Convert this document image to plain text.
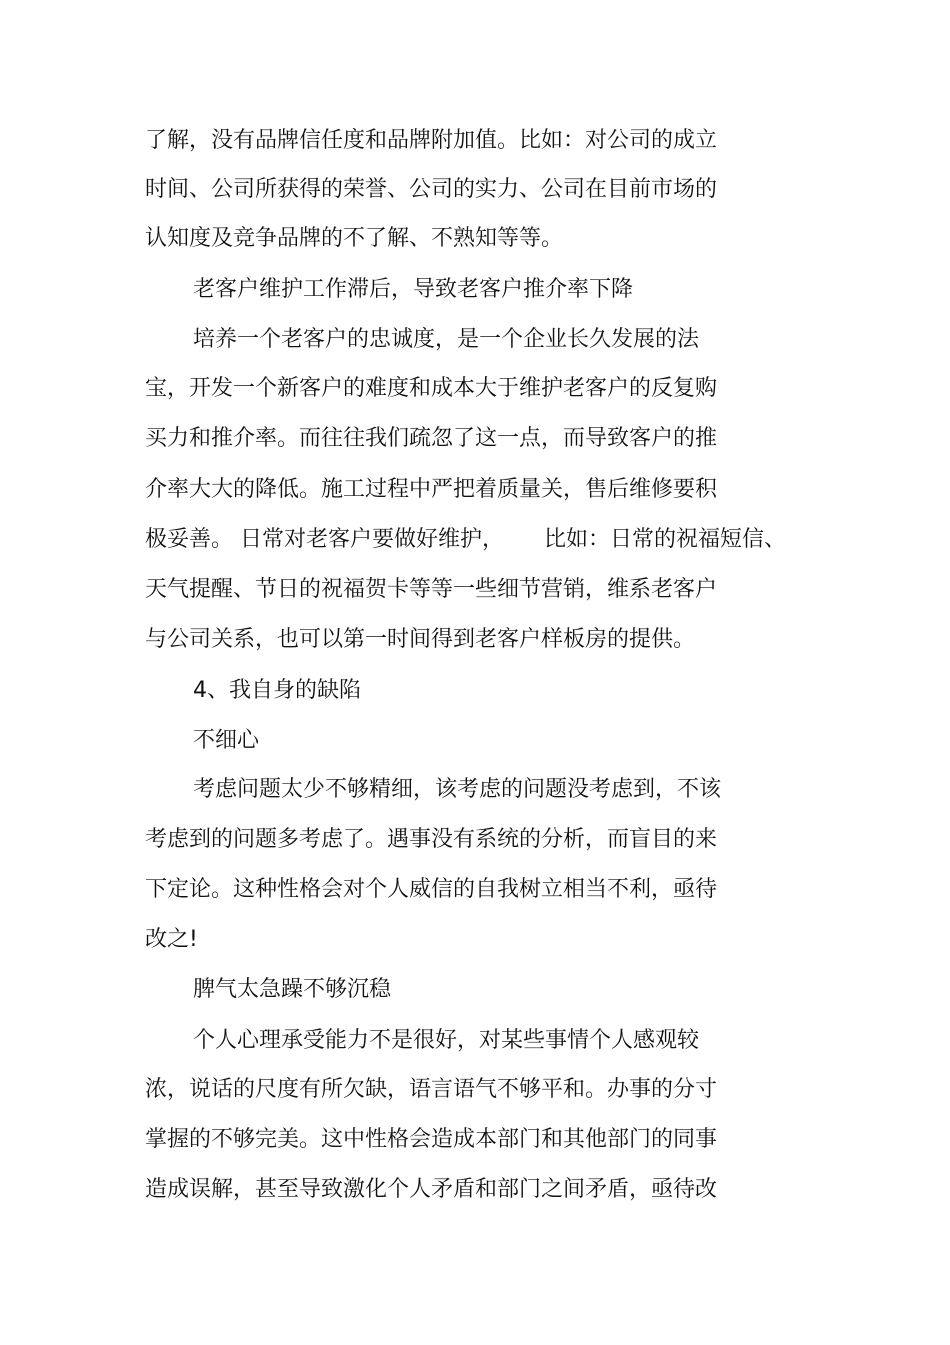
了解，没有品牌信任度和品牌附加值。比如：对公司的成立
时间、公司所获得的荣誉、公司的实力、公司在目前市场的
认知度及竞争品牌的不了解、不熟知等等。
老客户维护工作滞后，导致老客户推介率下降
培养一个老客户的忠诚度，是一个企业长久发展的法
宝，开发一个新客户的难度和成本大于维护老客户的反复购
买力和推介率。而往往我们疏忽了这一点，而导致客户的推
介率大大的降低。施工过程中严把着质量关，售后维修要积
极妥善。 日常对老客户要做好维护， 比如：日常的祝福短信、
天气提醒、节日的祝福贺卡等等一些细节营销，维系老客户
与公司关系，也可以第一时间得到老客户样板房的提供。
4、我自身的缺陷
不细心
考虑问题太少不够精细，该考虑的问题没考虑到，不该
考虑到的问题多考虑了。遇事没有系统的分析，而盲目的来
下定论。这种性格会对个人威信的自我树立相当不利，亟待
改之!
脾气太急躁不够沉稳
个人心理承受能力不是很好，对某些事情个人感观较
浓，说话的尺度有所欠缺，语言语气不够平和。办事的分寸
掌握的不够完美。这中性格会造成本部门和其他部门的同事
造成误解，甚至导致激化个人矛盾和部门之间矛盾，亟待改
